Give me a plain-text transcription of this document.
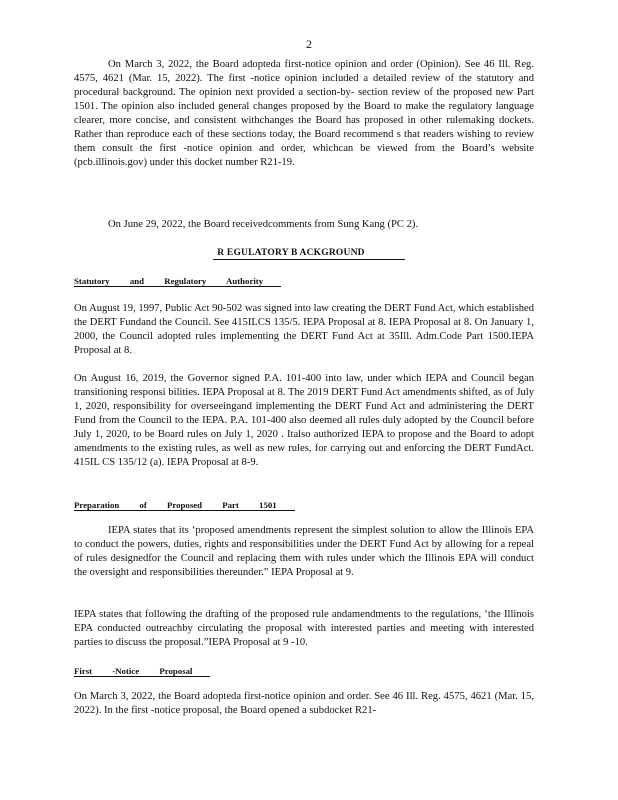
2

On March 3, 2022, the Board adopteda first-notice opinion and order (Opinion). See 46 Ill. Reg. 4575, 4621 (Mar. 15, 2022). The first -notice opinion included a detailed review of the statutory and procedural background. The opinion next provided a section-by- section review of the proposed new Part 1501. The opinion also included general changes proposed by the Board to make the regulatory language clearer, more concise, and consistent withchanges the Board has proposed in other rulemaking dockets. Rather than reproduce each of these sections today, the Board recommend s that readers wishing to review them consult the first -notice opinion and order, whichcan be viewed from the Board’s website (pcb.illinois.gov) under this docket number R21-19.

On June 29, 2022, the Board receivedcomments from Sung Kang (PC 2).

R EGULATORY B ACKGROUND
Statutory and Regulatory Authority

On August 19, 1997, Public Act 90-502 was signed into law creating the DERT Fund Act, which established the DERT Fundand the Council. See 415ILCS 135/5. IEPA Proposal at 8. IEPA Proposal at 8. On January 1, 2000, the Council adopted rules implementing the DERT Fund Act at 35Ill. Adm.Code Part 1500.IEPA Proposal at 8.

On August 16, 2019, the Governor signed P.A. 101-400 into law, under which IEPA and Council began transitioning responsi bilities. IEPA Proposal at 8. The 2019 DERT Fund Act amendments shifted, as of July 1, 2020, responsibility for overseeingand implementing the DERT Fund Act and administering the DERT Fund from the Council to the IEPA. P.A. 101-400 also deemed all rules duly adopted by the Council before July 1, 2020, to be Board rules on July 1, 2020 . Italso authorized IEPA to propose and the Board to adopt amendments to the existing rules, as well as new rules, for carrying out and enforcing the DERT FundAct. 415IL CS 135/12 (a). IEPA Proposal at 8-9.

Preparation of Proposed Part 1501

IEPA states that its ‘proposed amendments represent the simplest solution to allow the Illinois EPA to conduct the powers, duties, rights and responsibilities under the DERT Fund Act by allowing for a repeal of rules designedfor the Council and replacing them with rules under which the Illinois EPA will conduct the oversight and responsibilities thereunder.” IEPA Proposal at 9.

IEPA states that following the drafting of the proposed rule andamendments to the regulations, ‘the Illinois EPA conducted outreachby circulating the proposal with interested parties and meeting with interested parties to discuss the proposal.”IEPA Proposal at 9 -10.

First -Notice Proposal

On March 3, 2022, the Board adopteda first-notice opinion and order. See 46 Ill. Reg. 4575, 4621 (Mar. 15, 2022). In the first -notice proposal, the Board opened a subdocket R21-
